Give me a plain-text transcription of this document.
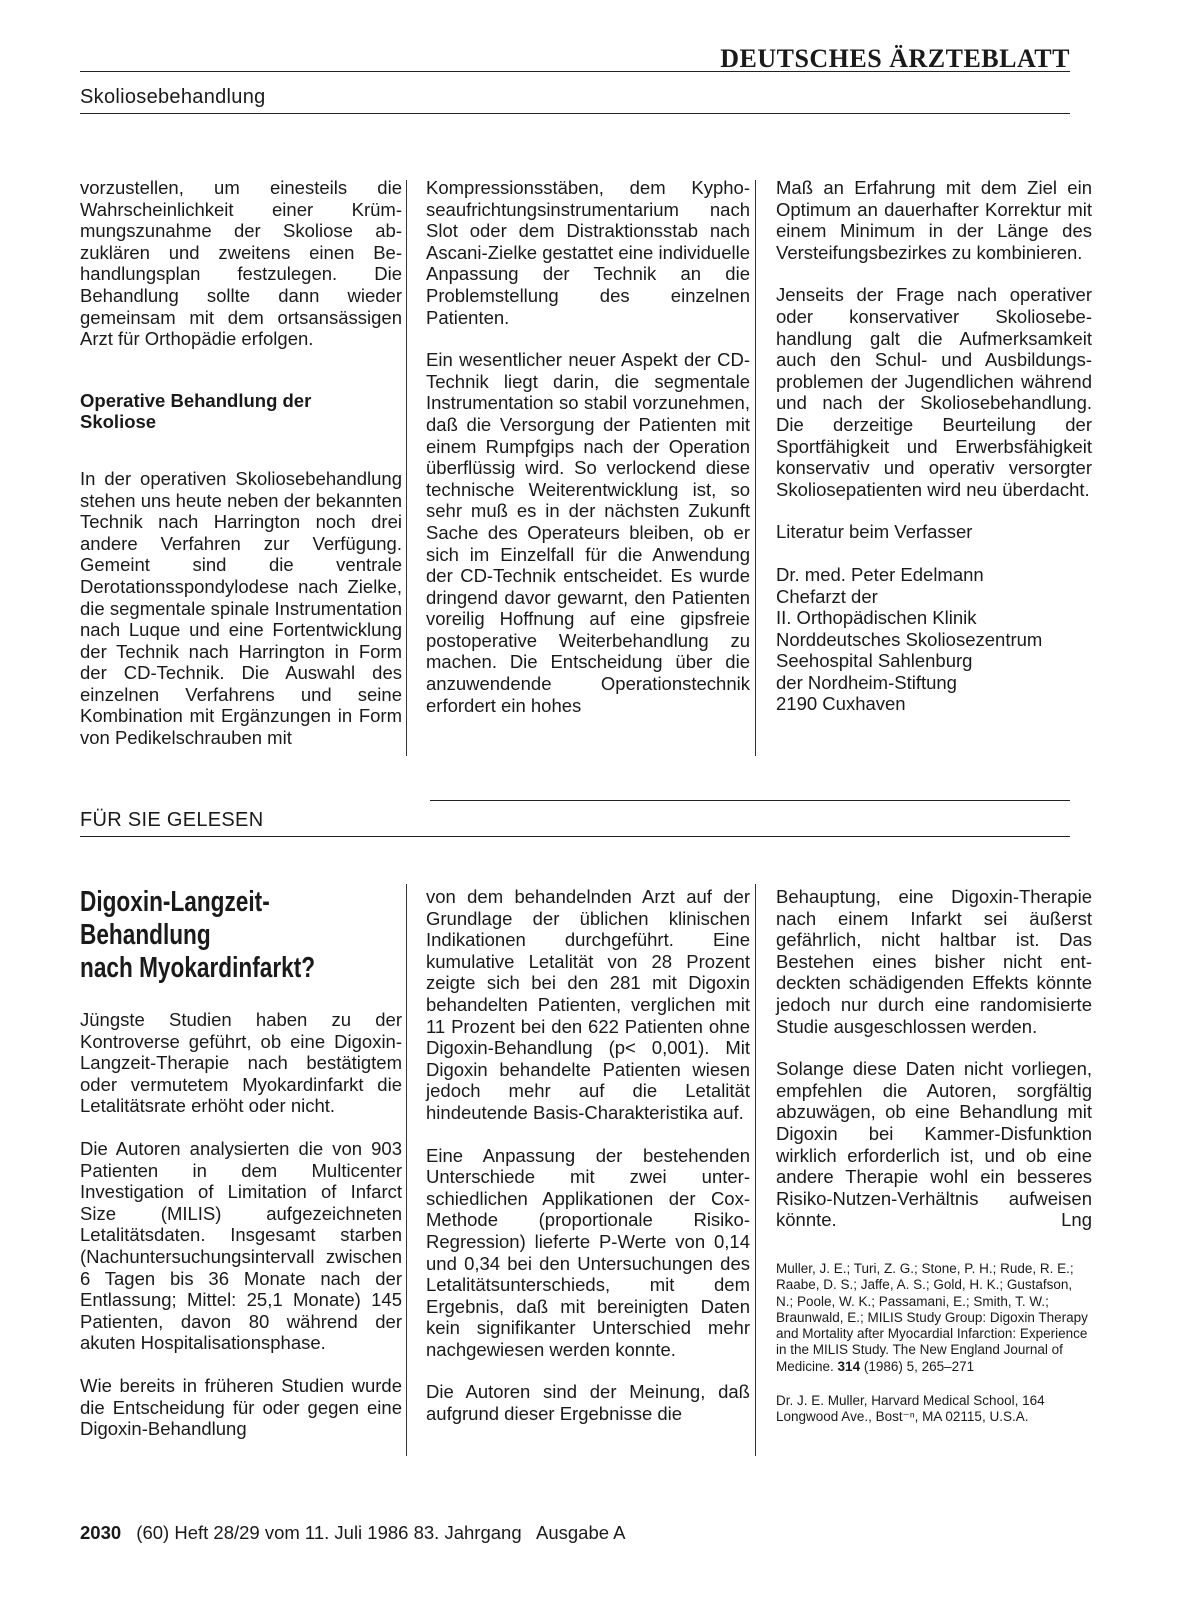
DEUTSCHES ÄRZTEBLATT
Skoliosebehandlung

vorzustellen, um einesteils die Wahrscheinlichkeit einer Krümmungszunahme der Skoliose abzuklären und zweitens einen Behandlungsplan festzulegen. Die Behandlung sollte dann wieder gemeinsam mit dem ortsansässigen Arzt für Orthopädie erfolgen.

Operative Behandlung der Skoliose

In der operativen Skoliosebehandlung stehen uns heute neben der bekannten Technik nach Harrington noch drei andere Verfahren zur Verfügung. Gemeint sind die ventrale Derotationsspondylodese nach Zielke, die segmentale spinale Instrumentation nach Luque und eine Fortentwicklung der Technik nach Harrington in Form der CD-Technik. Die Auswahl des einzelnen Verfahrens und seine Kombination mit Ergänzungen in Form von Pedikelschrauben mit

Kompressionsstäben, dem Kyphoseaufrichtungsinstrumentarium nach Slot oder dem Distraktionsstab nach Ascani-Zielke gestattet eine individuelle Anpassung der Technik an die Problemstellung des einzelnen Patienten.

Ein wesentlicher neuer Aspekt der CD-Technik liegt darin, die segmentale Instrumentation so stabil vorzunehmen, daß die Versorgung der Patienten mit einem Rumpfgips nach der Operation überflüssig wird. So verlockend diese technische Weiterentwicklung ist, so sehr muß es in der nächsten Zukunft Sache des Operateurs bleiben, ob er sich im Einzelfall für die Anwendung der CD-Technik entscheidet. Es wurde dringend davor gewarnt, den Patienten voreilig Hoffnung auf eine gipsfreie postoperative Weiterbehandlung zu machen. Die Entscheidung über die anzuwendende Operationstechnik erfordert ein hohes

Maß an Erfahrung mit dem Ziel ein Optimum an dauerhafter Korrektur mit einem Minimum in der Länge des Versteifungsbezirkes zu kombinieren.

Jenseits der Frage nach operativer oder konservativer Skoliosebehandlung galt die Aufmerksamkeit auch den Schul- und Ausbildungsproblemen der Jugendlichen während und nach der Skoliosebehandlung. Die derzeitige Beurteilung der Sportfähigkeit und Erwerbsfähigkeit konservativ und operativ versorgter Skoliosepatienten wird neu überdacht.

Literatur beim Verfasser

Dr. med. Peter Edelmann
Chefarzt der
II. Orthopädischen Klinik
Norddeutsches Skoliosezentrum
Seehospital Sahlenburg
der Nordheim-Stiftung
2190 Cuxhaven
FÜR SIE GELESEN
Digoxin-Langzeit-
Behandlung
nach Myokardinfarkt?

Jüngste Studien haben zu der Kontroverse geführt, ob eine Digoxin-Langzeit-Therapie nach bestätigtem oder vermutetem Myokardinfarkt die Letalitätsrate erhöht oder nicht.

Die Autoren analysierten die von 903 Patienten in dem Multicenter Investigation of Limitation of Infarct Size (MILIS) aufgezeichneten Letalitätsdaten. Insgesamt starben (Nachuntersuchungsintervall zwischen 6 Tagen bis 36 Monate nach der Entlassung; Mittel: 25,1 Monate) 145 Patienten, davon 80 während der akuten Hospitalisationsphase.

Wie bereits in früheren Studien wurde die Entscheidung für oder gegen eine Digoxin-Behandlung

von dem behandelnden Arzt auf der Grundlage der üblichen klinischen Indikationen durchgeführt. Eine kumulative Letalität von 28 Prozent zeigte sich bei den 281 mit Digoxin behandelten Patienten, verglichen mit 11 Prozent bei den 622 Patienten ohne Digoxin-Behandlung (p< 0,001). Mit Digoxin behandelte Patienten wiesen jedoch mehr auf die Letalität hindeutende Basis-Charakteristika auf.

Eine Anpassung der bestehenden Unterschiede mit zwei unterschiedlichen Applikationen der Cox-Methode (proportionale Risiko-Regression) lieferte P-Werte von 0,14 und 0,34 bei den Untersuchungen des Letalitätsunterschieds, mit dem Ergebnis, daß mit bereinigten Daten kein signifikanter Unterschied mehr nachgewiesen werden konnte.

Die Autoren sind der Meinung, daß aufgrund dieser Ergebnisse die

Behauptung, eine Digoxin-Therapie nach einem Infarkt sei äußerst gefährlich, nicht haltbar ist. Das Bestehen eines bisher nicht entdeckten schädigenden Effekts könnte jedoch nur durch eine randomisierte Studie ausgeschlossen werden.

Solange diese Daten nicht vorliegen, empfehlen die Autoren, sorgfältig abzuwägen, ob eine Behandlung mit Digoxin bei Kammer-Disfunktion wirklich erforderlich ist, und ob eine andere Therapie wohl ein besseres Risiko-Nutzen-Verhältnis aufweisen könnte.	Lng

Muller, J. E.; Turi, Z. G.; Stone, P. H.; Rude, R. E.; Raabe, D. S.; Jaffe, A. S.; Gold, H. K.; Gustafson, N.; Poole, W. K.; Passamani, E.; Smith, T. W.; Braunwald, E.; MILIS Study Group: Digoxin Therapy and Mortality after Myocardial Infarction: Experience in the MILIS Study. The New England Journal of Medicine. 314 (1986) 5, 265–271
Dr. J. E. Muller, Harvard Medical School, 164 Longwood Ave., Bost⁻ⁿ, MA 02115, U.S.A.
2030 (60) Heft 28/29 vom 11. Juli 1986 83. Jahrgang   Ausgabe A
